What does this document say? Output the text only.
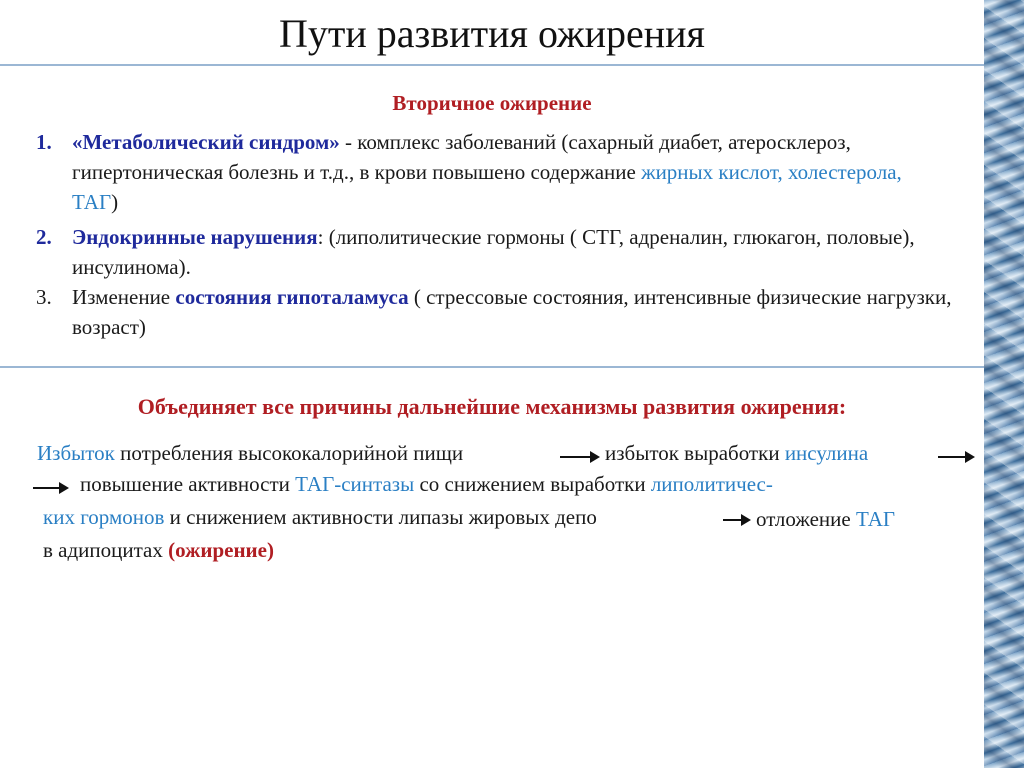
Пути развития ожирения
Вторичное ожирение
1. «Метаболический синдром» - комплекс заболеваний (сахарный диабет, атеросклероз, гипертоническая болезнь и т.д., в крови повышено содержание жирных кислот, холестерола, ТАГ)
2. Эндокринные нарушения: (липолитические гормоны ( СТГ, адреналин, глюкагон, половые), инсулинома).
3. Изменение состояния гипоталамуса ( стрессовые состояния, интенсивные физические нагрузки, возраст)
Объединяет все причины дальнейшие механизмы развития ожирения:
Избыток потребления высококалорийной пищи	избыток выработки инсулина
повышение активности ТАГ-синтазы со снижением выработки липолитичес-
ких гормонов и снижением активности липазы жировых депо	отложение ТАГ
в адипоцитах (ожирение)
